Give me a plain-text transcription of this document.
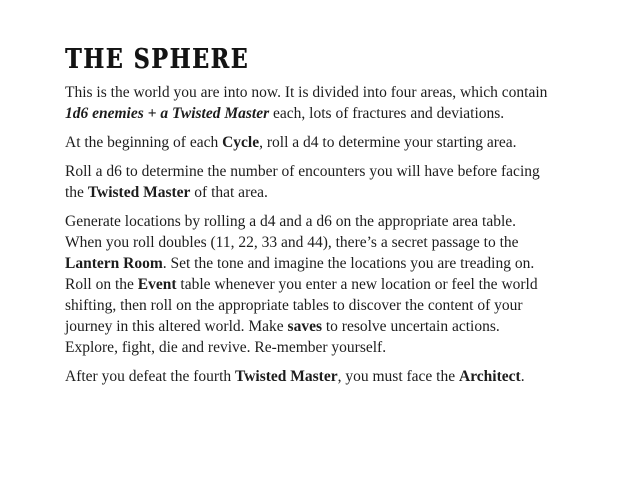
THE SPHERE

This is the world you are into now. It is divided into four areas, which contain
1d6 enemies + a Twisted Master each, lots of fractures and deviations.

At the beginning of each Cycle, roll a d4 to determine your starting area.

Roll a d6 to determine the number of encounters you will have before facing
the Twisted Master of that area.

Generate locations by rolling a d4 and a d6 on the appropriate area table.
When you roll doubles (11, 22, 33 and 44), there’s a secret passage to the
Lantern Room. Set the tone and imagine the locations you are treading on.
Roll on the Event table whenever you enter a new location or feel the world
shifting, then roll on the appropriate tables to discover the content of your
journey in this altered world. Make saves to resolve uncertain actions.
Explore, fight, die and revive. Re-member yourself.

After you defeat the fourth Twisted Master, you must face the Architect.
